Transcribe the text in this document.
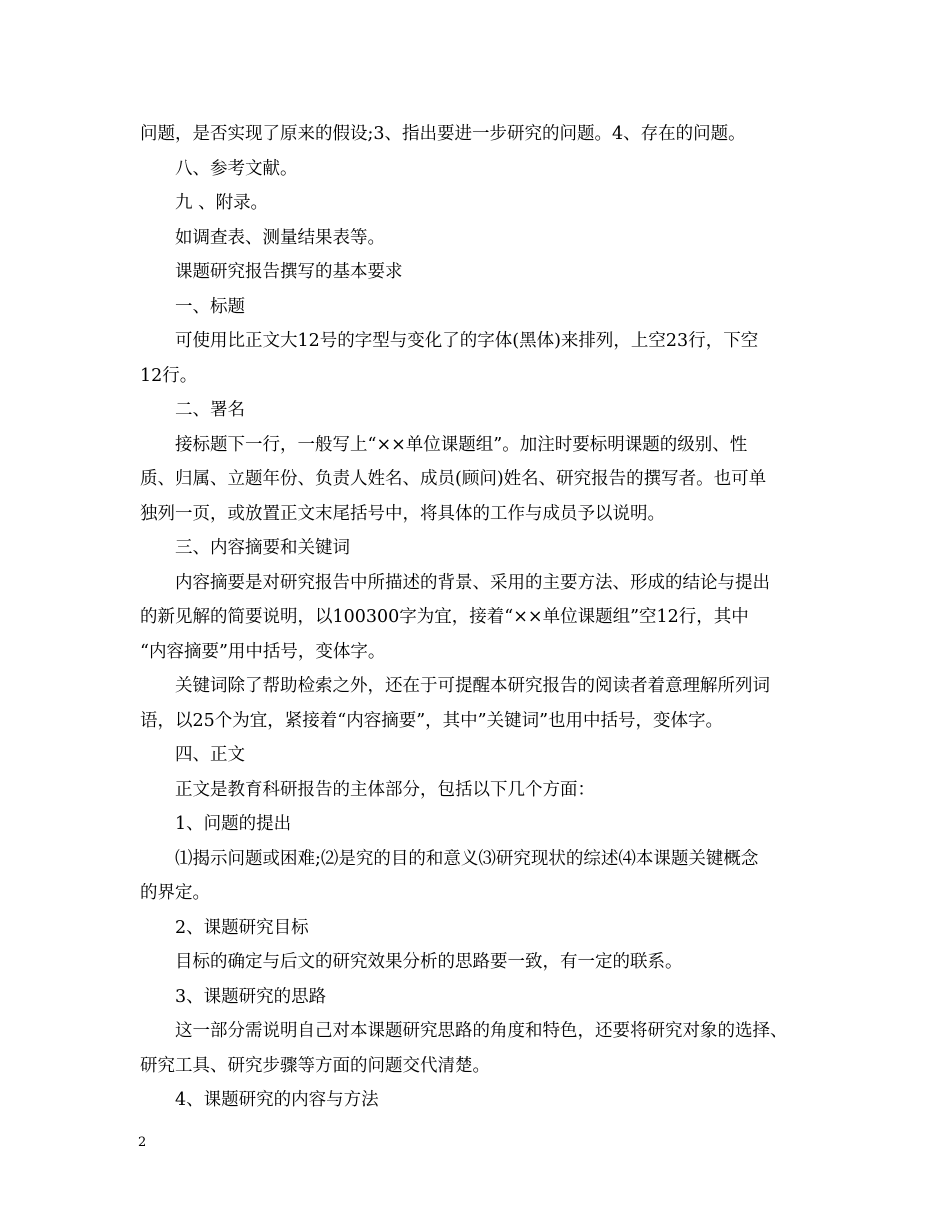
问题，是否实现了原来的假设;3、指出要进一步研究的问题。4、存在的问题。
八、参考文献。
九 、附录。
如调查表、测量结果表等。
课题研究报告撰写的基本要求
一、标题
可使用比正文大12号的字型与变化了的字体(黑体)来排列，上空23行，下空
12行。
二、署名
接标题下一行，一般写上“××单位课题组”。加注时要标明课题的级别、性
质、归属、立题年份、负责人姓名、成员(顾问)姓名、研究报告的撰写者。也可单
独列一页，或放置正文末尾括号中，将具体的工作与成员予以说明。
三、内容摘要和关键词
内容摘要是对研究报告中所描述的背景、采用的主要方法、形成的结论与提出
的新见解的简要说明，以100300字为宜，接着“××单位课题组”空12行，其中
“内容摘要”用中括号，变体字。
关键词除了帮助检索之外，还在于可提醒本研究报告的阅读者着意理解所列词
语，以25个为宜，紧接着“内容摘要”，其中”关键词”也用中括号，变体字。
四、正文
正文是教育科研报告的主体部分，包括以下几个方面：
1、问题的提出
⑴揭示问题或困难;⑵是究的目的和意义⑶研究现状的综述⑷本课题关键概念
的界定。
2、课题研究目标
目标的确定与后文的研究效果分析的思路要一致，有一定的联系。
3、课题研究的思路
这一部分需说明自己对本课题研究思路的角度和特色，还要将研究对象的选择、
研究工具、研究步骤等方面的问题交代清楚。
4、课题研究的内容与方法
2
